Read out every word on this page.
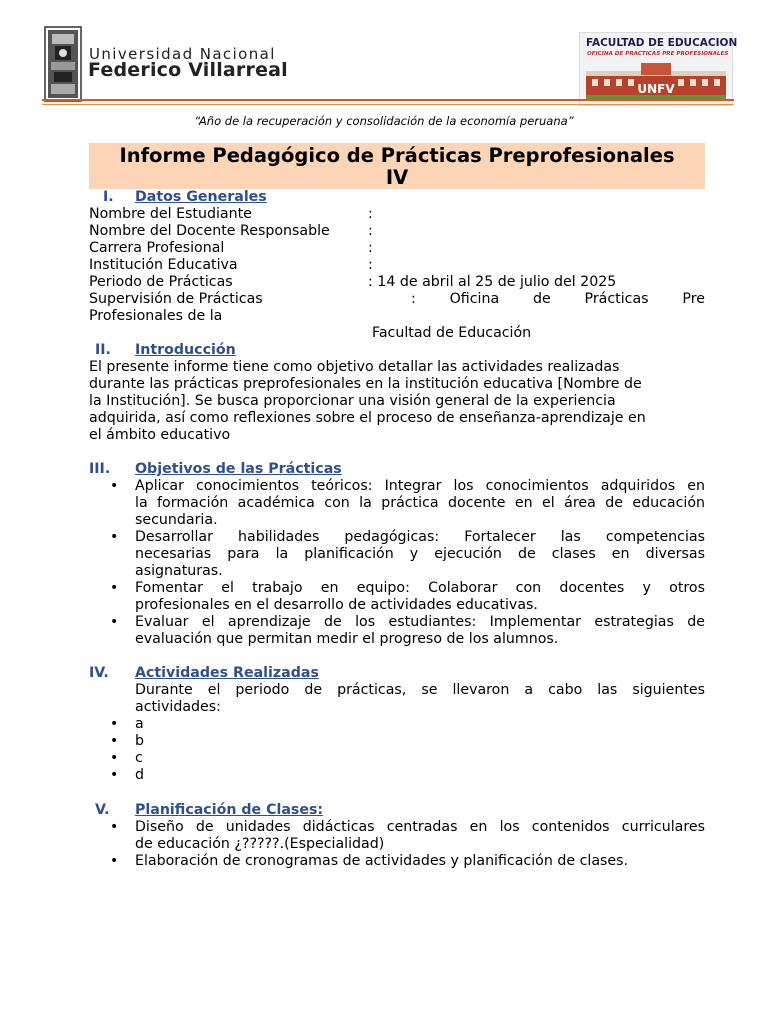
Universidad Nacional
Federico Villarreal
FACULTAD DE EDUCACION
OFICINA DE PRACTICAS PRE PROFESIONALES
UNFV
“Año de la recuperación y consolidación de la economía peruana”
Informe Pedagógico de Prácticas Preprofesionales
IV
I. Datos Generales
Nombre del Estudiante	:
Nombre del Docente Responsable	:
Carrera Profesional	:
Institución Educativa	:
Periodo de Prácticas	: 14 de abril al 25 de julio del 2025
Supervisión de Prácticas	: Oficina de Prácticas Pre
Profesionales de la
Facultad de Educación
II. Introducción
El presente informe tiene como objetivo detallar las actividades realizadas
durante las prácticas preprofesionales en la institución educativa [Nombre de
la Institución]. Se busca proporcionar una visión general de la experiencia
adquirida, así como reflexiones sobre el proceso de enseñanza-aprendizaje en
el ámbito educativo
III. Objetivos de las Prácticas
• Aplicar conocimientos teóricos: Integrar los conocimientos adquiridos en
la formación académica con la práctica docente en el área de educación
secundaria.
• Desarrollar habilidades pedagógicas: Fortalecer las competencias
necesarias para la planificación y ejecución de clases en diversas
asignaturas.
• Fomentar el trabajo en equipo: Colaborar con docentes y otros
profesionales en el desarrollo de actividades educativas.
• Evaluar el aprendizaje de los estudiantes: Implementar estrategias de
evaluación que permitan medir el progreso de los alumnos.
IV. Actividades Realizadas
Durante el periodo de prácticas, se llevaron a cabo las siguientes
actividades:
• a
• b
• c
• d
V. Planificación de Clases:
• Diseño de unidades didácticas centradas en los contenidos curriculares
de educación ¿?????.(Especialidad)
• Elaboración de cronogramas de actividades y planificación de clases.
